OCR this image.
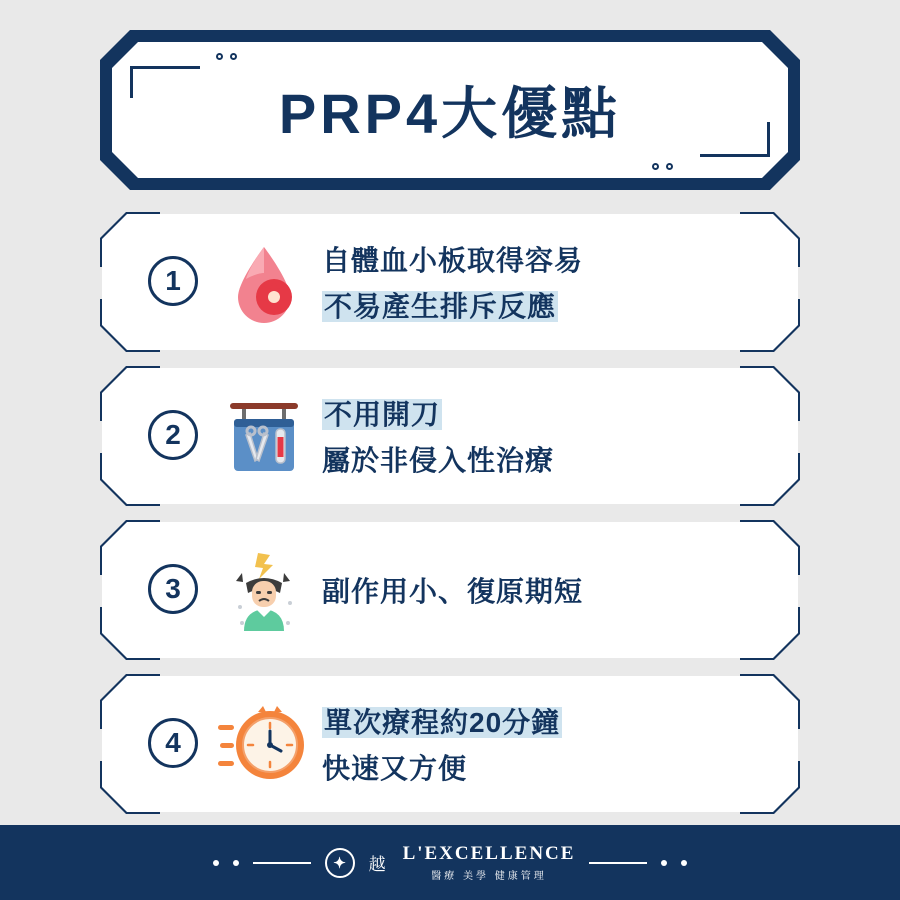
PRP4大優點
1
自體血小板取得容易
不易產生排斥反應
2
不用開刀
屬於非侵入性治療
3	副作用小、復原期短
4
單次療程約20分鐘
快速又方便
✦	越
L'EXCELLENCE
醫療 美學 健康管理
